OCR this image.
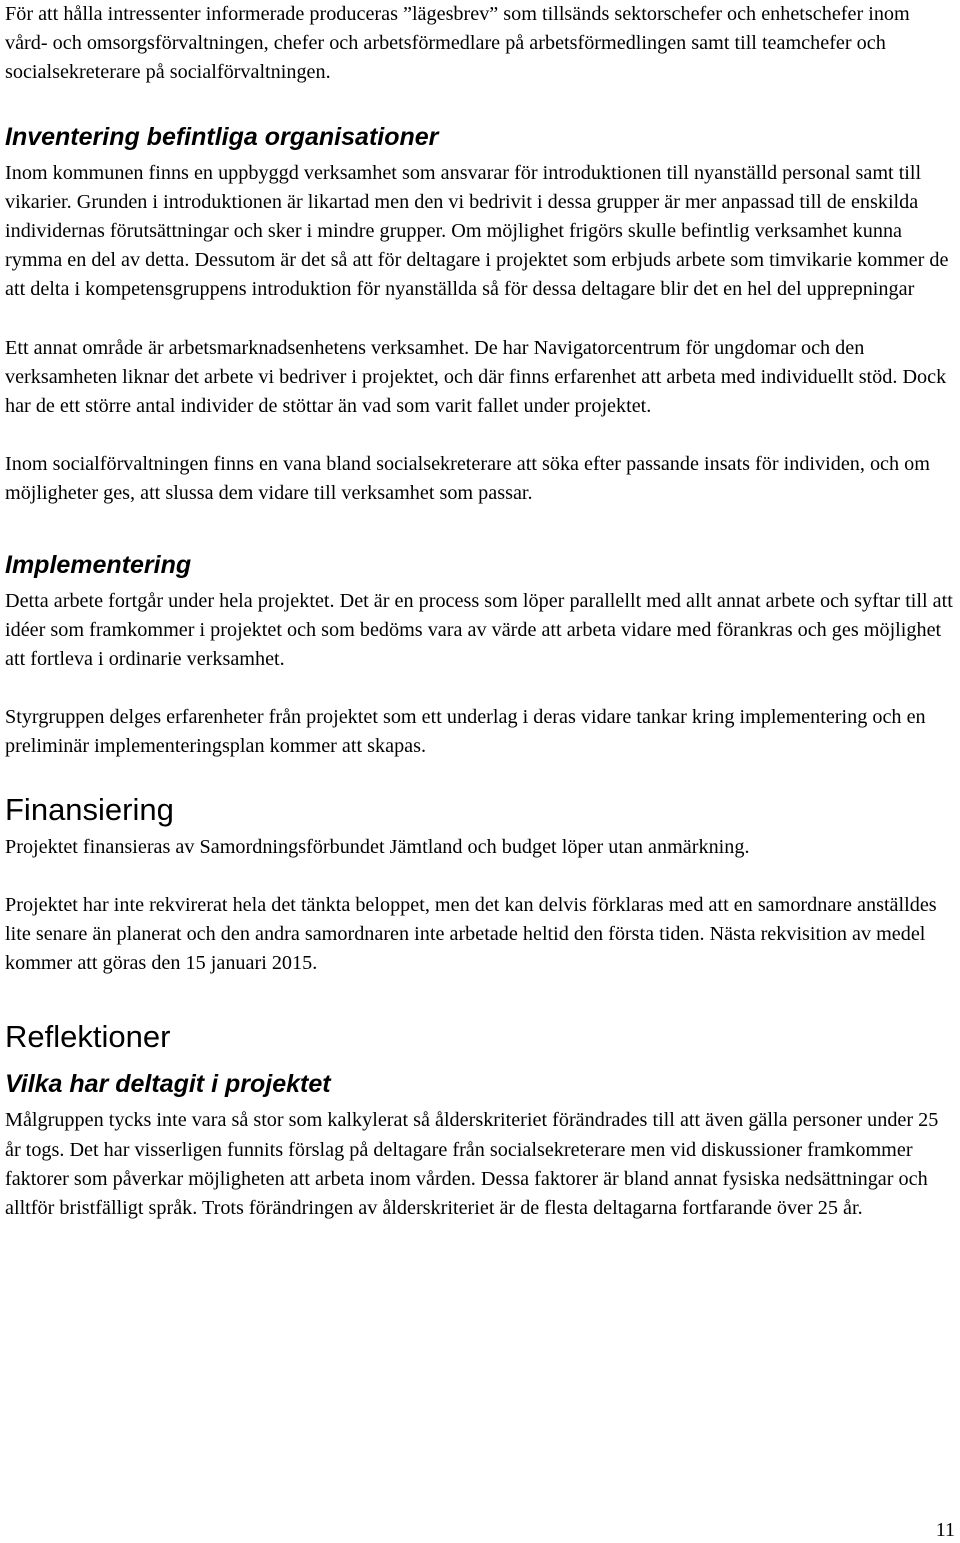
För att hålla intressenter informerade produceras ”lägesbrev” som tillsänds sektorschefer och enhetschefer inom vård- och omsorgsförvaltningen, chefer och arbetsförmedlare på arbetsförmedlingen samt till teamchefer och socialsekreterare på socialförvaltningen.

Inventering befintliga organisationer

Inom kommunen finns en uppbyggd verksamhet som ansvarar för introduktionen till nyanställd personal samt till vikarier. Grunden i introduktionen är likartad men den vi bedrivit i dessa grupper är mer anpassad till de enskilda individernas förutsättningar och sker i mindre grupper. Om möjlighet frigörs skulle befintlig verksamhet kunna rymma en del av detta. Dessutom är det så att för deltagare i projektet som erbjuds arbete som timvikarie kommer de att delta i kompetensgruppens introduktion för nyanställda så för dessa deltagare blir det en hel del upprepningar

Ett annat område är arbetsmarknadsenhetens verksamhet. De har Navigatorcentrum för ungdomar och den verksamheten liknar det arbete vi bedriver i projektet, och där finns erfarenhet att arbeta med individuellt stöd. Dock har de ett större antal individer de stöttar än vad som varit fallet under projektet.

Inom socialförvaltningen finns en vana bland socialsekreterare att söka efter passande insats för individen, och om möjligheter ges, att slussa dem vidare till verksamhet som passar.

Implementering

Detta arbete fortgår under hela projektet. Det är en process som löper parallellt med allt annat arbete och syftar till att idéer som framkommer i projektet och som bedöms vara av värde att arbeta vidare med förankras och ges möjlighet att fortleva i ordinarie verksamhet.

Styrgruppen delges erfarenheter från projektet som ett underlag i deras vidare tankar kring implementering och en preliminär implementeringsplan kommer att skapas.

Finansiering

Projektet finansieras av Samordningsförbundet Jämtland och budget löper utan anmärkning.

Projektet har inte rekvirerat hela det tänkta beloppet, men det kan delvis förklaras med att en samordnare anställdes lite senare än planerat och den andra samordnaren inte arbetade heltid den första tiden. Nästa rekvisition av medel kommer att göras den 15 januari 2015.

Reflektioner
Vilka har deltagit i projektet

Målgruppen tycks inte vara så stor som kalkylerat så ålderskriteriet förändrades till att även gälla personer under 25 år togs. Det har visserligen funnits förslag på deltagare från socialsekreterare men vid diskussioner framkommer faktorer som påverkar möjligheten att arbeta inom vården. Dessa faktorer är bland annat fysiska nedsättningar och alltför bristfälligt språk. Trots förändringen av ålderskriteriet är de flesta deltagarna fortfarande över 25 år.

11
